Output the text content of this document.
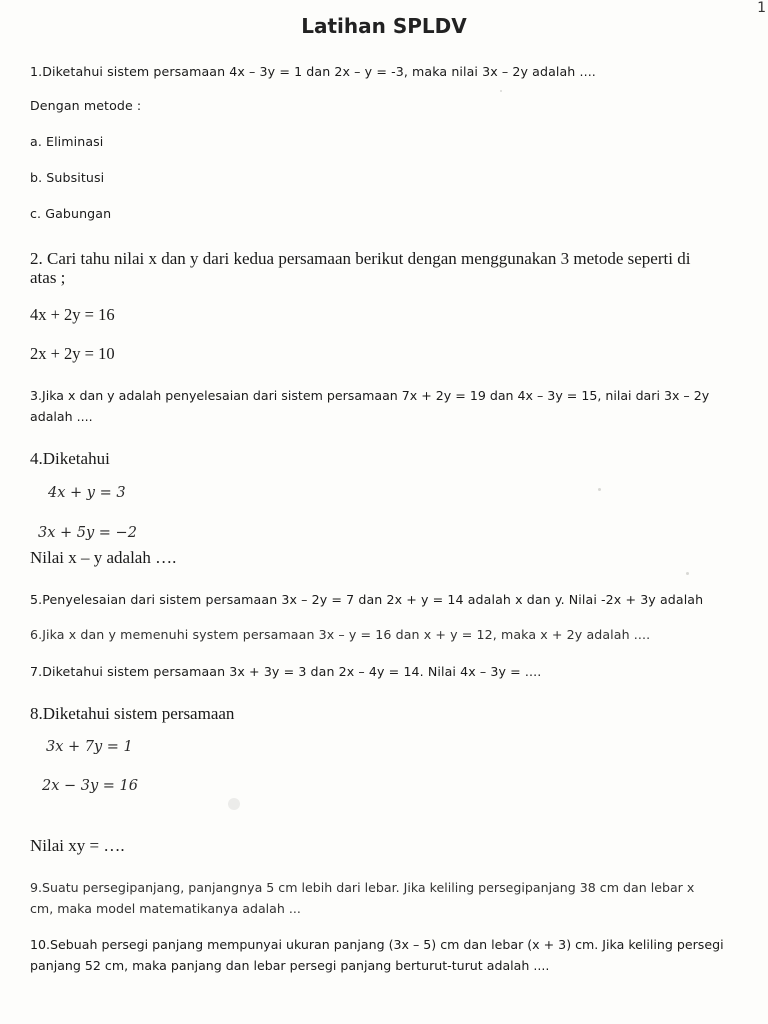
1
Latihan SPLDV
1.Diketahui sistem persamaan 4x – 3y = 1 dan 2x – y = -3, maka nilai 3x – 2y adalah ....
Dengan metode :
a. Eliminasi
b. Subsitusi
c. Gabungan
2. Cari tahu nilai x dan y dari kedua persamaan berikut dengan menggunakan 3 metode seperti di atas ;
4x + 2y = 16
2x + 2y = 10
3.Jika x dan y adalah penyelesaian dari sistem persamaan 7x + 2y = 19 dan 4x – 3y = 15, nilai dari 3x – 2y adalah ....
4.Diketahui
4x + y = 3
3x + 5y = −2
Nilai x – y adalah ….
5.Penyelesaian dari sistem persamaan 3x – 2y = 7 dan 2x + y = 14 adalah x dan y. Nilai -2x + 3y adalah
6.Jika x dan y memenuhi system persamaan 3x – y = 16 dan x + y = 12, maka x + 2y adalah ....
7.Diketahui sistem persamaan 3x + 3y = 3 dan 2x – 4y = 14. Nilai 4x – 3y = ....
8.Diketahui sistem persamaan
3x + 7y = 1
2x − 3y = 16
Nilai xy = ….
9.Suatu persegipanjang, panjangnya 5 cm lebih dari lebar. Jika keliling persegipanjang 38 cm dan lebar x cm, maka model matematikanya adalah ...
10.Sebuah persegi panjang mempunyai ukuran panjang (3x – 5) cm dan lebar (x + 3) cm. Jika keliling persegi panjang 52 cm, maka panjang dan lebar persegi panjang berturut-turut adalah ....
